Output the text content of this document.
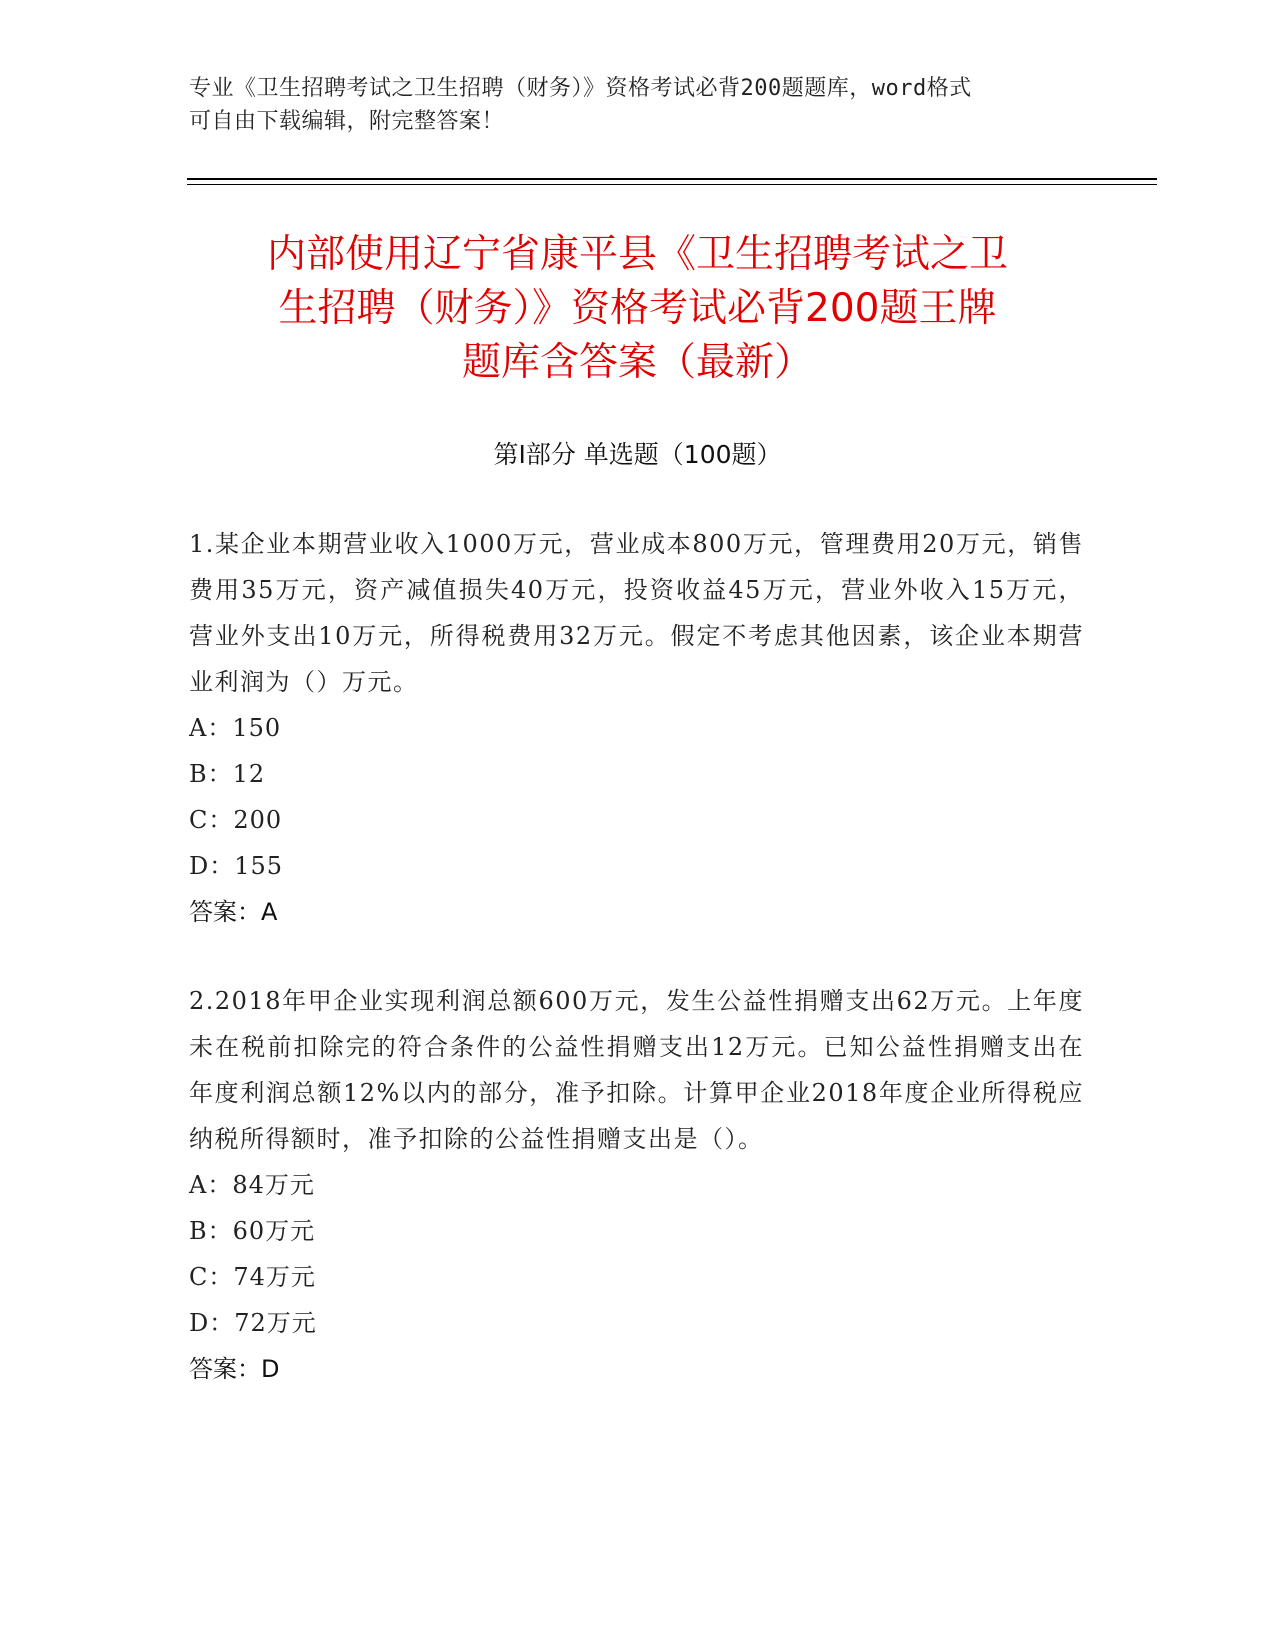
专业《卫生招聘考试之卫生招聘（财务）》资格考试必背200题题库，word格式
可自由下载编辑，附完整答案！
内部使用辽宁省康平县《卫生招聘考试之卫
生招聘（财务）》资格考试必背200题王牌
题库含答案（最新）
第Ⅰ部分 单选题（100题）

1.某企业本期营业收入1000万元，营业成本800万元，管理费用20万元，销售费用35万元，资产减值损失40万元，投资收益45万元，营业外收入15万元，营业外支出10万元，所得税费用32万元。假定不考虑其他因素，该企业本期营业利润为（）万元。

A：150

B：12

C：200

D：155

答案：A

2.2018年甲企业实现利润总额600万元，发生公益性捐赠支出62万元。上年度未在税前扣除完的符合条件的公益性捐赠支出12万元。已知公益性捐赠支出在年度利润总额12%以内的部分，准予扣除。计算甲企业2018年度企业所得税应纳税所得额时，准予扣除的公益性捐赠支出是（）。

A：84万元

B：60万元

C：74万元

D：72万元

答案：D
